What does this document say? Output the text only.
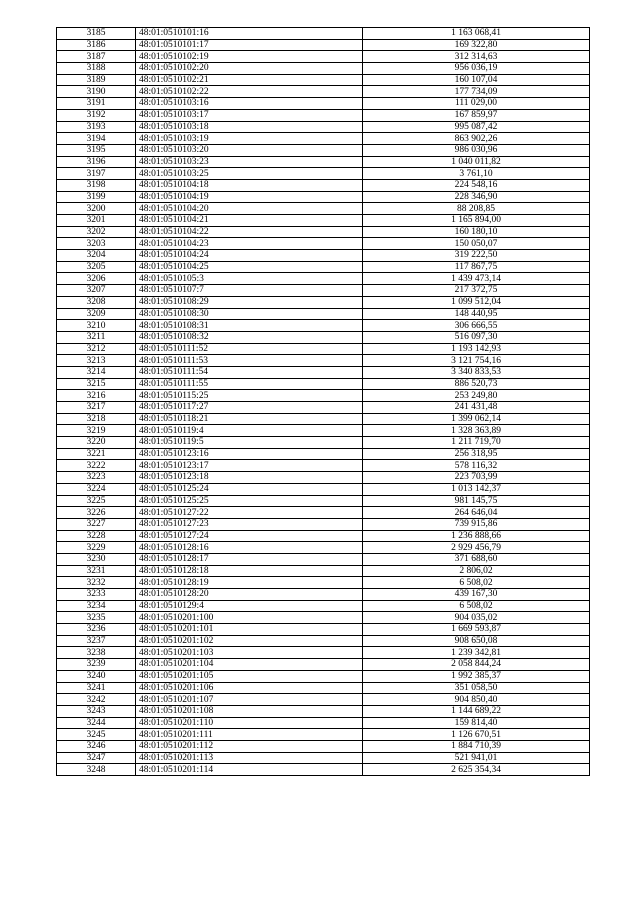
3185	48:01:0510101:16	1 163 068,41
3186	48:01:0510101:17	169 322,80
3187	48:01:0510102:19	312 314,63
3188	48:01:0510102:20	956 036,19
3189	48:01:0510102:21	160 107,04
3190	48:01:0510102:22	177 734,09
3191	48:01:0510103:16	111 029,00
3192	48:01:0510103:17	167 859,97
3193	48:01:0510103:18	995 087,42
3194	48:01:0510103:19	863 902,26
3195	48:01:0510103:20	986 030,96
3196	48:01:0510103:23	1 040 011,82
3197	48:01:0510103:25	3 761,10
3198	48:01:0510104:18	224 548,16
3199	48:01:0510104:19	228 346,90
3200	48:01:0510104:20	88 208,85
3201	48:01:0510104:21	1 165 894,00
3202	48:01:0510104:22	160 180,10
3203	48:01:0510104:23	150 050,07
3204	48:01:0510104:24	319 222,50
3205	48:01:0510104:25	117 867,75
3206	48:01:0510105:3	1 439 473,14
3207	48:01:0510107:7	217 372,75
3208	48:01:0510108:29	1 099 512,04
3209	48:01:0510108:30	148 440,95
3210	48:01:0510108:31	306 666,55
3211	48:01:0510108:32	516 097,30
3212	48:01:0510111:52	1 193 142,93
3213	48:01:0510111:53	3 121 754,16
3214	48:01:0510111:54	3 340 833,53
3215	48:01:0510111:55	886 520,73
3216	48:01:0510115:25	253 249,80
3217	48:01:0510117:27	241 431,48
3218	48:01:0510118:21	1 399 062,14
3219	48:01:0510119:4	1 328 363,89
3220	48:01:0510119:5	1 211 719,70
3221	48:01:0510123:16	256 318,95
3222	48:01:0510123:17	578 116,32
3223	48:01:0510123:18	223 703,99
3224	48:01:0510125:24	1 013 142,37
3225	48:01:0510125:25	981 145,75
3226	48:01:0510127:22	264 646,04
3227	48:01:0510127:23	739 915,86
3228	48:01:0510127:24	1 236 888,66
3229	48:01:0510128:16	2 929 456,79
3230	48:01:0510128:17	371 688,60
3231	48:01:0510128:18	2 806,02
3232	48:01:0510128:19	6 508,02
3233	48:01:0510128:20	439 167,30
3234	48:01:0510129:4	6 508,02
3235	48:01:0510201:100	904 035,02
3236	48:01:0510201:101	1 669 593,87
3237	48:01:0510201:102	908 650,08
3238	48:01:0510201:103	1 239 342,81
3239	48:01:0510201:104	2 058 844,24
3240	48:01:0510201:105	1 992 385,37
3241	48:01:0510201:106	351 058,50
3242	48:01:0510201:107	904 850,40
3243	48:01:0510201:108	1 144 689,22
3244	48:01:0510201:110	159 814,40
3245	48:01:0510201:111	1 126 670,51
3246	48:01:0510201:112	1 884 710,39
3247	48:01:0510201:113	521 941,01
3248	48:01:0510201:114	2 625 354,34
